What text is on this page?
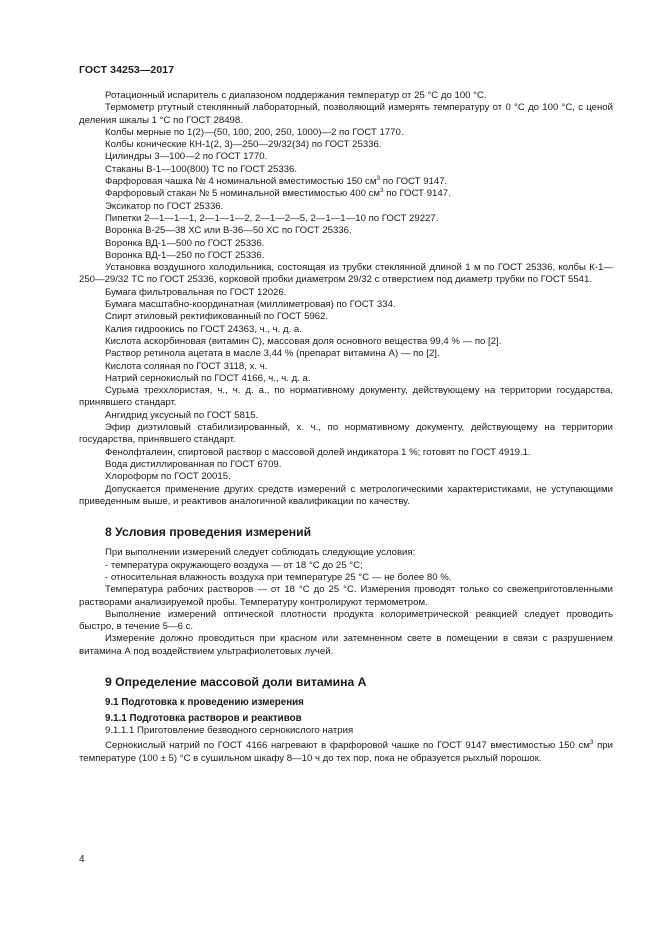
ГОСТ 34253—2017

Ротационный испаритель с диапазоном поддержания температур от 25 °С до 100 °С.

Термометр ртутный стеклянный лабораторный, позволяющий измерять температуру от 0 °С до 100 °С, с ценой деления шкалы 1 °С по ГОСТ 28498.

Колбы мерные по 1(2)—(50, 100, 200, 250, 1000)—2 по ГОСТ 1770.

Колбы конические КН-1(2, 3)—250—29/32(34) по ГОСТ 25336.

Цилиндры 3—100—2 по ГОСТ 1770.

Стаканы В-1—100(800) ТС по ГОСТ 25336.

Фарфоровая чашка № 4 номинальной вместимостью 150 $см^3$ по ГОСТ 9147.

Фарфоровый стакан № 5 номинальной вместимостью 400 $см^3$ по ГОСТ 9147.

Эксикатор по ГОСТ 25336.

Пипетки 2—1—1—1, 2—1—1—2, 2—1—2—5, 2—1—1—10 по ГОСТ 29227.

Воронка В-25—38 ХС или В-36—50 ХС по ГОСТ 25336.

Воронка ВД-1—500 по ГОСТ 25336.

Воронка ВД-1—250 по ГОСТ 25336.

Установка воздушного холодильника, состоящая из трубки стеклянной длиной 1 м по ГОСТ 25336, колбы К-1—250—29/32 ТС по ГОСТ 25336, корковой пробки диаметром 29/32 с отверстием под диаметр трубки по ГОСТ 5541.

Бумага фильтровальная по ГОСТ 12026.

Бумага масштабно-координатная (миллиметровая) по ГОСТ 334.

Спирт этиловый ректификованный по ГОСТ 5962.

Калия гидроокись по ГОСТ 24363, ч., ч. д. а.

Кислота аскорбиновая (витамин С), массовая доля основного вещества 99,4 % — по [2].

Раствор ретинола ацетата в масле 3,44 % (препарат витамина А) — по [2].

Кислота соляная по ГОСТ 3118, х. ч.

Натрий сернокислый по ГОСТ 4166, ч., ч. д. а.

Сурьма треххлористая, ч., ч. д. а., по нормативному документу, действующему на территории государства, принявшего стандарт.

Ангидрид уксусный по ГОСТ 5815.

Эфир диэтиловый стабилизированный, х. ч., по нормативному документу, действующему на территории государства, принявшего стандарт.

Фенолфталеин, спиртовой раствор с массовой долей индикатора 1 %; готовят по ГОСТ 4919.1.

Вода дистиллированная по ГОСТ 6709.

Хлороформ по ГОСТ 20015.

Допускается применение других средств измерений с метрологическими характеристиками, не уступающими приведенным выше, и реактивов аналогичной квалификации по качеству.

8 Условия проведения измерений

При выполнении измерений следует соблюдать следующие условия:

- температура окружающего воздуха — от 18 °С до 25 °С;

- относительная влажность воздуха при температуре 25 °С — не более 80 %.

Температура рабочих растворов — от 18 °С до 25 °С. Измерения проводят только со свежеприготовленными растворами анализируемой пробы. Температуру контролируют термометром.

Выполнение измерений оптической плотности продукта колориметрической реакцией следует проводить быстро, в течение 5—6 с.

Измерение должно проводиться при красном или затемненном свете в помещении в связи с разрушением витамина А под воздействием ультрафиолетовых лучей.

9 Определение массовой доли витамина А

9.1 Подготовка к проведению измерения

9.1.1 Подготовка растворов и реактивов

9.1.1.1 Приготовление безводного сернокислого натрия

Сернокислый натрий по ГОСТ 4166 нагревают в фарфоровой чашке по ГОСТ 9147 вместимостью 150 $см^3$ при температуре (100 ± 5) °С в сушильном шкафу 8—10 ч до тех пор, пока не образуется рыхлый порошок.

4
